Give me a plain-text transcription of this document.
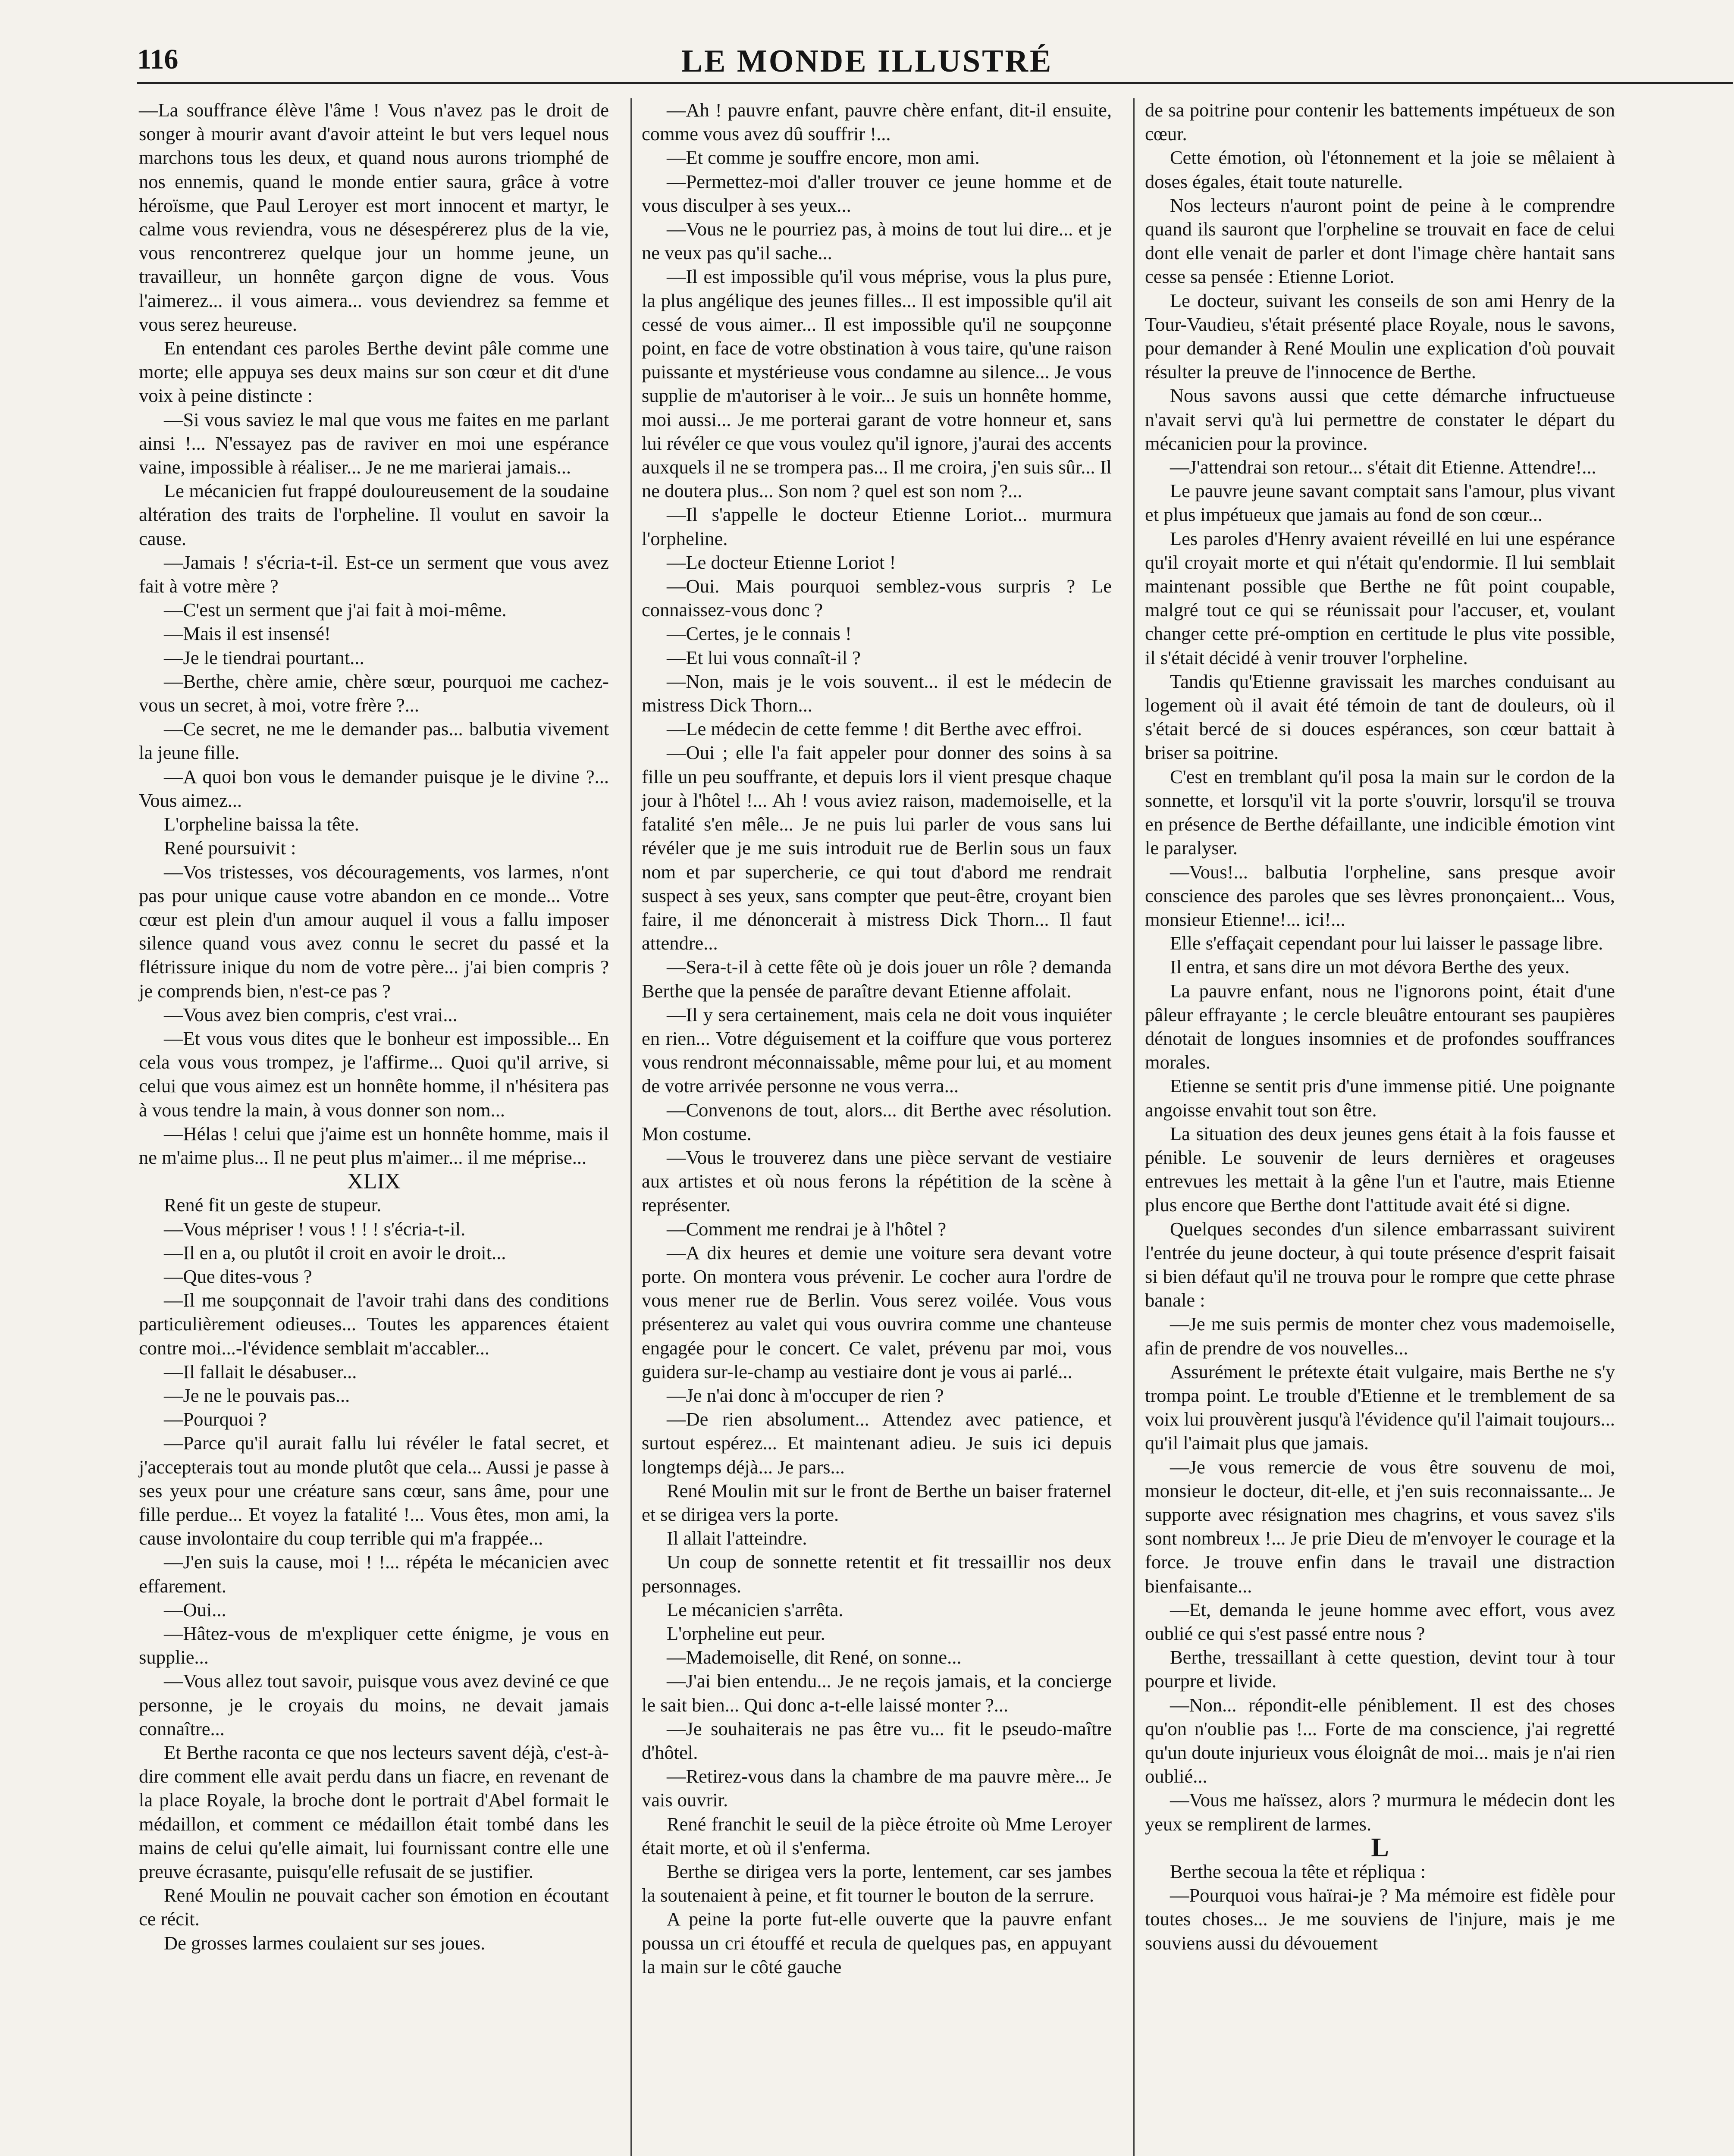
116	LE MONDE ILLUSTRÉ

—La souffrance élève l'âme ! Vous n'avez pas le droit de songer à mourir avant d'avoir atteint le but vers lequel nous marchons tous les deux, et quand nous aurons triomphé de nos ennemis, quand le monde entier saura, grâce à votre héroïsme, que Paul Leroyer est mort innocent et martyr, le calme vous reviendra, vous ne désespérerez plus de la vie, vous rencontrerez quelque jour un homme jeune, un travailleur, un honnête garçon digne de vous. Vous l'aimerez... il vous aimera... vous deviendrez sa femme et vous serez heureuse.

En entendant ces paroles Berthe devint pâle comme une morte; elle appuya ses deux mains sur son cœur et dit d'une voix à peine distincte :

—Si vous saviez le mal que vous me faites en me parlant ainsi !... N'essayez pas de raviver en moi une espérance vaine, impossible à réaliser... Je ne me marierai jamais...

Le mécanicien fut frappé douloureusement de la soudaine altération des traits de l'orpheline. Il voulut en savoir la cause.

—Jamais ! s'écria-t-il. Est-ce un serment que vous avez fait à votre mère ?

—C'est un serment que j'ai fait à moi-même.

—Mais il est insensé!

—Je le tiendrai pourtant...

—Berthe, chère amie, chère sœur, pourquoi me cachez-vous un secret, à moi, votre frère ?...

—Ce secret, ne me le demander pas... balbutia vivement la jeune fille.

—A quoi bon vous le demander puisque je le divine ?... Vous aimez...

L'orpheline baissa la tête.

René poursuivit :

—Vos tristesses, vos découragements, vos larmes, n'ont pas pour unique cause votre abandon en ce monde... Votre cœur est plein d'un amour auquel il vous a fallu imposer silence quand vous avez connu le secret du passé et la flétrissure inique du nom de votre père... j'ai bien compris ? je comprends bien, n'est-ce pas ?

—Vous avez bien compris, c'est vrai...

—Et vous vous dites que le bonheur est impossible... En cela vous vous trompez, je l'affirme... Quoi qu'il arrive, si celui que vous aimez est un honnête homme, il n'hésitera pas à vous tendre la main, à vous donner son nom...

—Hélas ! celui que j'aime est un honnête homme, mais il ne m'aime plus... Il ne peut plus m'aimer... il me méprise...

XLIX

René fit un geste de stupeur.

—Vous mépriser ! vous ! ! ! s'écria-t-il.

—Il en a, ou plutôt il croit en avoir le droit...

—Que dites-vous ?

—Il me soupçonnait de l'avoir trahi dans des conditions particulièrement odieuses... Toutes les apparences étaient contre moi...-l'évidence semblait m'accabler...

—Il fallait le désabuser...

—Je ne le pouvais pas...

—Pourquoi ?

—Parce qu'il aurait fallu lui révéler le fatal secret, et j'accepterais tout au monde plutôt que cela... Aussi je passe à ses yeux pour une créature sans cœur, sans âme, pour une fille perdue... Et voyez la fatalité !... Vous êtes, mon ami, la cause involontaire du coup terrible qui m'a frappée...

—J'en suis la cause, moi ! !... répéta le mécanicien avec effarement.

—Oui...

—Hâtez-vous de m'expliquer cette énigme, je vous en supplie...

—Vous allez tout savoir, puisque vous avez deviné ce que personne, je le croyais du moins, ne devait jamais connaître...

Et Berthe raconta ce que nos lecteurs savent déjà, c'est-à-dire comment elle avait perdu dans un fiacre, en revenant de la place Royale, la broche dont le portrait d'Abel formait le médaillon, et comment ce médaillon était tombé dans les mains de celui qu'elle aimait, lui fournissant contre elle une preuve écrasante, puisqu'elle refusait de se justifier.

René Moulin ne pouvait cacher son émotion en écoutant ce récit.

De grosses larmes coulaient sur ses joues.

—Ah ! pauvre enfant, pauvre chère enfant, dit-il ensuite, comme vous avez dû souffrir !...

—Et comme je souffre encore, mon ami.

—Permettez-moi d'aller trouver ce jeune homme et de vous disculper à ses yeux...

—Vous ne le pourriez pas, à moins de tout lui dire... et je ne veux pas qu'il sache...

—Il est impossible qu'il vous méprise, vous la plus pure, la plus angélique des jeunes filles... Il est impossible qu'il ait cessé de vous aimer... Il est impossible qu'il ne soupçonne point, en face de votre obstination à vous taire, qu'une raison puissante et mystérieuse vous condamne au silence... Je vous supplie de m'autoriser à le voir... Je suis un honnête homme, moi aussi... Je me porterai garant de votre honneur et, sans lui révéler ce que vous voulez qu'il ignore, j'aurai des accents auxquels il ne se trompera pas... Il me croira, j'en suis sûr... Il ne doutera plus... Son nom ? quel est son nom ?...

—Il s'appelle le docteur Etienne Loriot... murmura l'orpheline.

—Le docteur Etienne Loriot !

—Oui. Mais pourquoi semblez-vous surpris ? Le connaissez-vous donc ?

—Certes, je le connais !

—Et lui vous connaît-il ?

—Non, mais je le vois souvent... il est le médecin de mistress Dick Thorn...

—Le médecin de cette femme ! dit Berthe avec effroi.

—Oui ; elle l'a fait appeler pour donner des soins à sa fille un peu souffrante, et depuis lors il vient presque chaque jour à l'hôtel !... Ah ! vous aviez raison, mademoiselle, et la fatalité s'en mêle... Je ne puis lui parler de vous sans lui révéler que je me suis introduit rue de Berlin sous un faux nom et par supercherie, ce qui tout d'abord me rendrait suspect à ses yeux, sans compter que peut-être, croyant bien faire, il me dénoncerait à mistress Dick Thorn... Il faut attendre...

—Sera-t-il à cette fête où je dois jouer un rôle ? demanda Berthe que la pensée de paraître devant Etienne affolait.

—Il y sera certainement, mais cela ne doit vous inquiéter en rien... Votre déguisement et la coiffure que vous porterez vous rendront méconnaissable, même pour lui, et au moment de votre arrivée personne ne vous verra...

—Convenons de tout, alors... dit Berthe avec résolution. Mon costume.

—Vous le trouverez dans une pièce servant de vestiaire aux artistes et où nous ferons la répétition de la scène à représenter.

—Comment me rendrai je à l'hôtel ?

—A dix heures et demie une voiture sera devant votre porte. On montera vous prévenir. Le cocher aura l'ordre de vous mener rue de Berlin. Vous serez voilée. Vous vous présenterez au valet qui vous ouvrira comme une chanteuse engagée pour le concert. Ce valet, prévenu par moi, vous guidera sur-le-champ au vestiaire dont je vous ai parlé...

—Je n'ai donc à m'occuper de rien ?

—De rien absolument... Attendez avec patience, et surtout espérez... Et maintenant adieu. Je suis ici depuis longtemps déjà... Je pars...

René Moulin mit sur le front de Berthe un baiser fraternel et se dirigea vers la porte.

Il allait l'atteindre.

Un coup de sonnette retentit et fit tressaillir nos deux personnages.

Le mécanicien s'arrêta.

L'orpheline eut peur.

—Mademoiselle, dit René, on sonne...

—J'ai bien entendu... Je ne reçois jamais, et la concierge le sait bien... Qui donc a-t-elle laissé monter ?...

—Je souhaiterais ne pas être vu... fit le pseudo-maître d'hôtel.

—Retirez-vous dans la chambre de ma pauvre mère... Je vais ouvrir.

René franchit le seuil de la pièce étroite où Mme Leroyer était morte, et où il s'enferma.

Berthe se dirigea vers la porte, lentement, car ses jambes la soutenaient à peine, et fit tourner le bouton de la serrure.

A peine la porte fut-elle ouverte que la pauvre enfant poussa un cri étouffé et recula de quelques pas, en appuyant la main sur le côté gauche

de sa poitrine pour contenir les battements impétueux de son cœur.

Cette émotion, où l'étonnement et la joie se mêlaient à doses égales, était toute naturelle.

Nos lecteurs n'auront point de peine à le comprendre quand ils sauront que l'orpheline se trouvait en face de celui dont elle venait de parler et dont l'image chère hantait sans cesse sa pensée : Etienne Loriot.

Le docteur, suivant les conseils de son ami Henry de la Tour-Vaudieu, s'était présenté place Royale, nous le savons, pour demander à René Moulin une explication d'où pouvait résulter la preuve de l'innocence de Berthe.

Nous savons aussi que cette démarche infructueuse n'avait servi qu'à lui permettre de constater le départ du mécanicien pour la province.

—J'attendrai son retour... s'était dit Etienne. Attendre!...

Le pauvre jeune savant comptait sans l'amour, plus vivant et plus impétueux que jamais au fond de son cœur...

Les paroles d'Henry avaient réveillé en lui une espérance qu'il croyait morte et qui n'était qu'endormie. Il lui semblait maintenant possible que Berthe ne fût point coupable, malgré tout ce qui se réunissait pour l'accuser, et, voulant changer cette pré-omption en certitude le plus vite possible, il s'était décidé à venir trouver l'orpheline.

Tandis qu'Etienne gravissait les marches conduisant au logement où il avait été témoin de tant de douleurs, où il s'était bercé de si douces espérances, son cœur battait à briser sa poitrine.

C'est en tremblant qu'il posa la main sur le cordon de la sonnette, et lorsqu'il vit la porte s'ouvrir, lorsqu'il se trouva en présence de Berthe défaillante, une indicible émotion vint le paralyser.

—Vous!... balbutia l'orpheline, sans presque avoir conscience des paroles que ses lèvres prononçaient... Vous, monsieur Etienne!... ici!...

Elle s'effaçait cependant pour lui laisser le passage libre.

Il entra, et sans dire un mot dévora Berthe des yeux.

La pauvre enfant, nous ne l'ignorons point, était d'une pâleur effrayante ; le cercle bleuâtre entourant ses paupières dénotait de longues insomnies et de profondes souffrances morales.

Etienne se sentit pris d'une immense pitié. Une poignante angoisse envahit tout son être.

La situation des deux jeunes gens était à la fois fausse et pénible. Le souvenir de leurs dernières et orageuses entrevues les mettait à la gêne l'un et l'autre, mais Etienne plus encore que Berthe dont l'attitude avait été si digne.

Quelques secondes d'un silence embarrassant suivirent l'entrée du jeune docteur, à qui toute présence d'esprit faisait si bien défaut qu'il ne trouva pour le rompre que cette phrase banale :

—Je me suis permis de monter chez vous mademoiselle, afin de prendre de vos nouvelles...

Assurément le prétexte était vulgaire, mais Berthe ne s'y trompa point. Le trouble d'Etienne et le tremblement de sa voix lui prouvèrent jusqu'à l'évidence qu'il l'aimait toujours... qu'il l'aimait plus que jamais.

—Je vous remercie de vous être souvenu de moi, monsieur le docteur, dit-elle, et j'en suis reconnaissante... Je supporte avec résignation mes chagrins, et vous savez s'ils sont nombreux !... Je prie Dieu de m'envoyer le courage et la force. Je trouve enfin dans le travail une distraction bienfaisante...

—Et, demanda le jeune homme avec effort, vous avez oublié ce qui s'est passé entre nous ?

Berthe, tressaillant à cette question, devint tour à tour pourpre et livide.

—Non... répondit-elle péniblement. Il est des choses qu'on n'oublie pas !... Forte de ma conscience, j'ai regretté qu'un doute injurieux vous éloignât de moi... mais je n'ai rien oublié...

—Vous me haïssez, alors ? murmura le médecin dont les yeux se remplirent de larmes.

L

Berthe secoua la tête et répliqua :

—Pourquoi vous haïrai-je ? Ma mémoire est fidèle pour toutes choses... Je me souviens de l'injure, mais je me souviens aussi du dévouement
